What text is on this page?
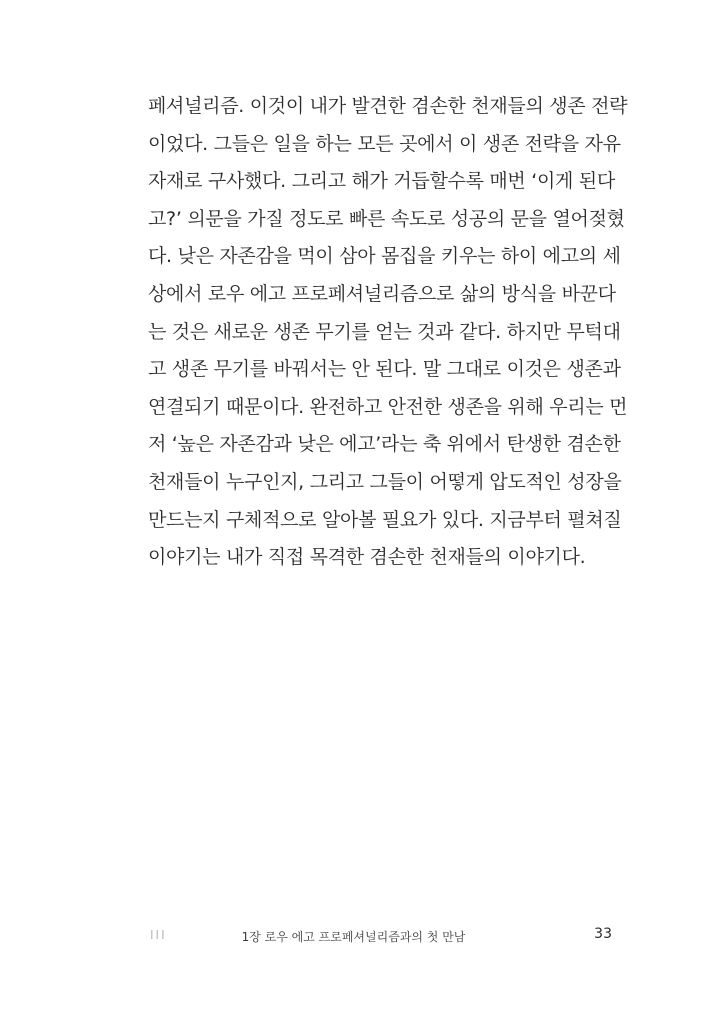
페셔널리즘. 이것이 내가 발견한 겸손한 천재들의 생존 전략
이었다. 그들은 일을 하는 모든 곳에서 이 생존 전략을 자유
자재로 구사했다. 그리고 해가 거듭할수록 매번 ‘이게 된다
고?’ 의문을 가질 정도로 빠른 속도로 성공의 문을 열어젖혔
다. 낮은 자존감을 먹이 삼아 몸집을 키우는 하이 에고의 세
상에서 로우 에고 프로페셔널리즘으로 삶의 방식을 바꾼다
는 것은 새로운 생존 무기를 얻는 것과 같다. 하지만 무턱대
고 생존 무기를 바꿔서는 안 된다. 말 그대로 이것은 생존과
연결되기 때문이다. 완전하고 안전한 생존을 위해 우리는 먼
저 ‘높은 자존감과 낮은 에고’라는 축 위에서 탄생한 겸손한
천재들이 누구인지, 그리고 그들이 어떻게 압도적인 성장을
만드는지 구체적으로 알아볼 필요가 있다. 지금부터 펼쳐질
이야기는 내가 직접 목격한 겸손한 천재들의 이야기다.
III	1장 로우 에고 프로페셔널리즘과의 첫 만남	33
